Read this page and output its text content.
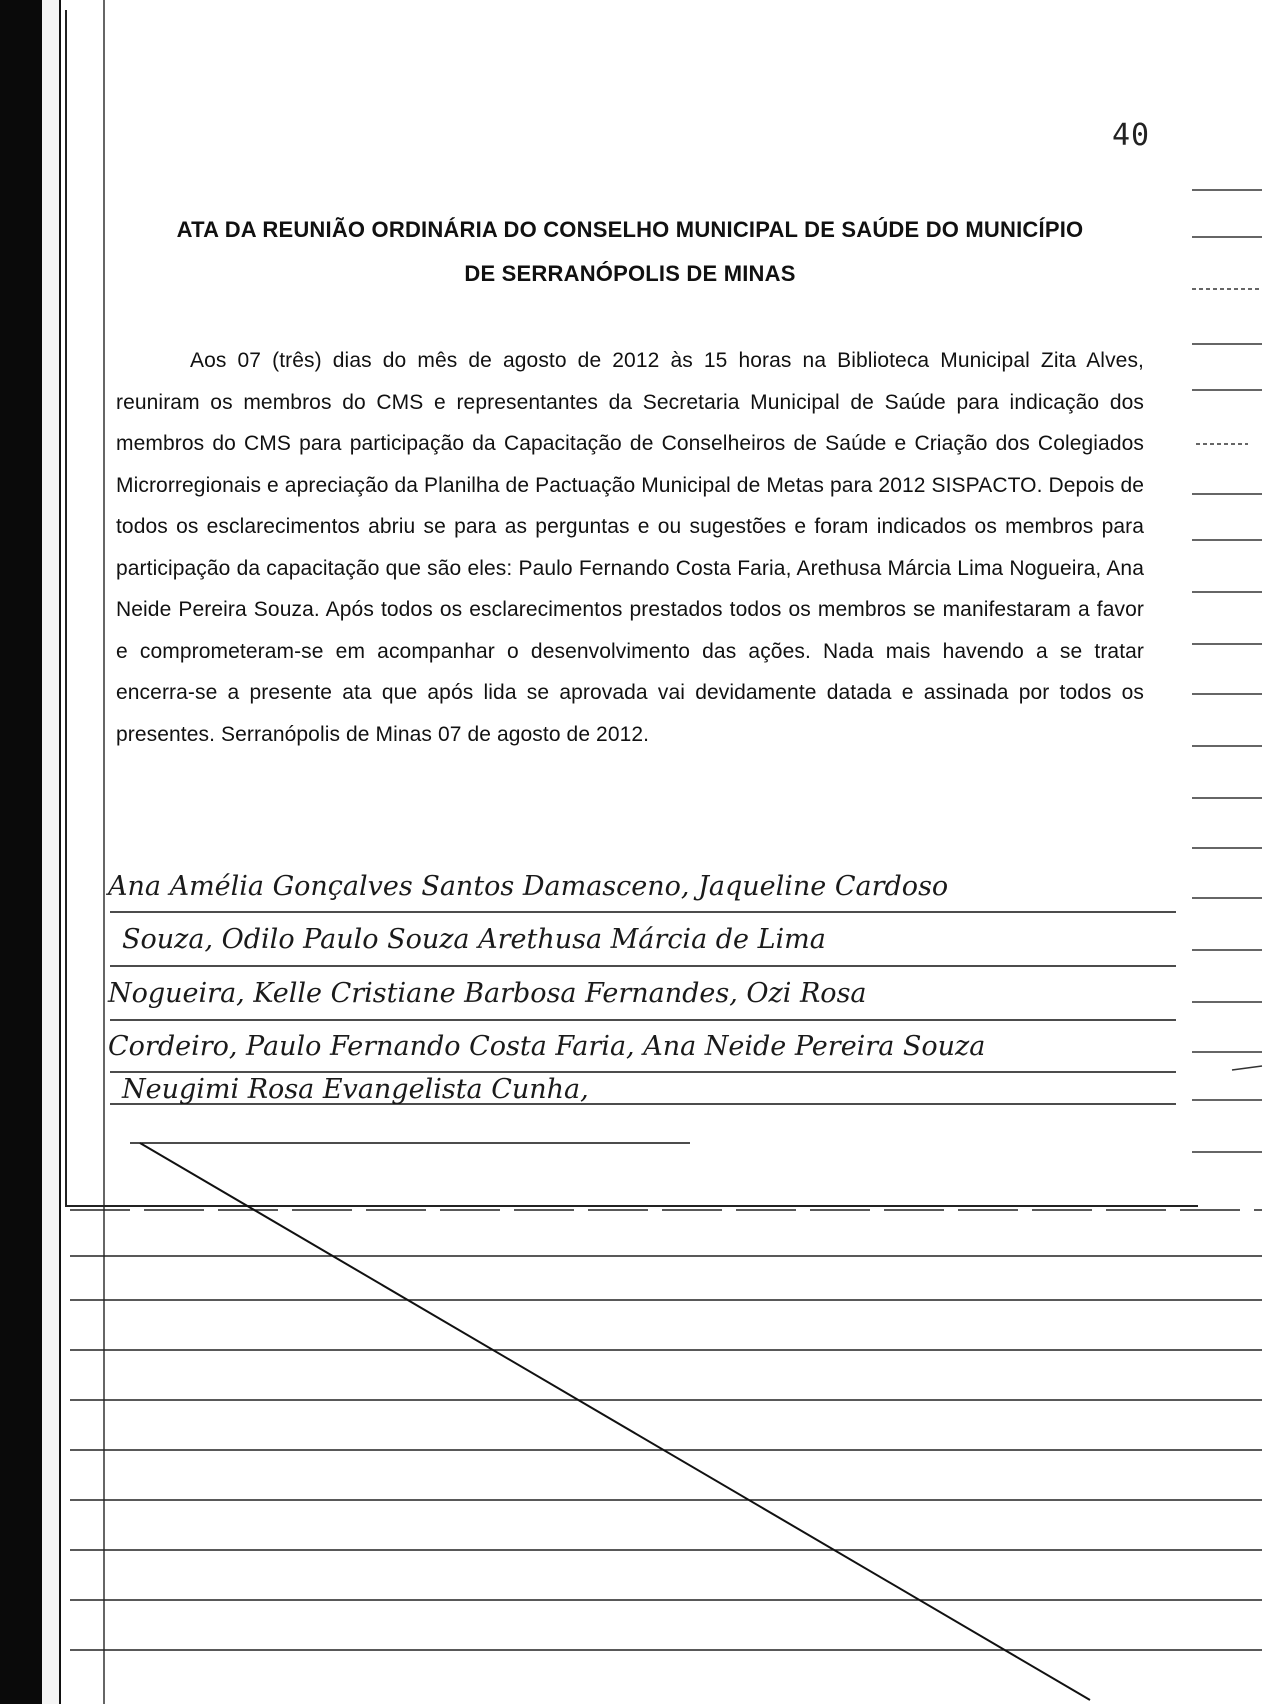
40
ATA DA REUNIÃO ORDINÁRIA DO CONSELHO MUNICIPAL DE SAÚDE DO MUNICÍPIO
DE SERRANÓPOLIS DE MINAS

Aos 07 (três) dias do mês de agosto de 2012 às 15 horas na Biblioteca Municipal Zita Alves, reuniram os membros do CMS e representantes da Secretaria Municipal de Saúde para indicação dos membros do CMS para participação da Capacitação de Conselheiros de Saúde e Criação dos Colegiados Microrregionais e apreciação da Planilha de Pactuação Municipal de Metas para 2012 SISPACTO. Depois de todos os esclarecimentos abriu se para as perguntas e ou sugestões e foram indicados os membros para participação da capacitação que são eles: Paulo Fernando Costa Faria, Arethusa Márcia Lima Nogueira, Ana Neide Pereira Souza. Após todos os esclarecimentos prestados todos os membros se manifestaram a favor e comprometeram-se em acompanhar o desenvolvimento das ações. Nada mais havendo a se tratar encerra-se a presente ata que após lida se aprovada vai devidamente datada e assinada por todos os presentes. Serranópolis de Minas 07 de agosto de 2012.

Ana Amélia Gonçalves Santos Damasceno, Jaqueline Cardoso
Souza, Odilo Paulo Souza Arethusa Márcia de Lima
Nogueira, Kelle Cristiane Barbosa Fernandes, Ozi Rosa
Cordeiro, Paulo Fernando Costa Faria, Ana Neide Pereira Souza
Neugimi Rosa Evangelista Cunha,
